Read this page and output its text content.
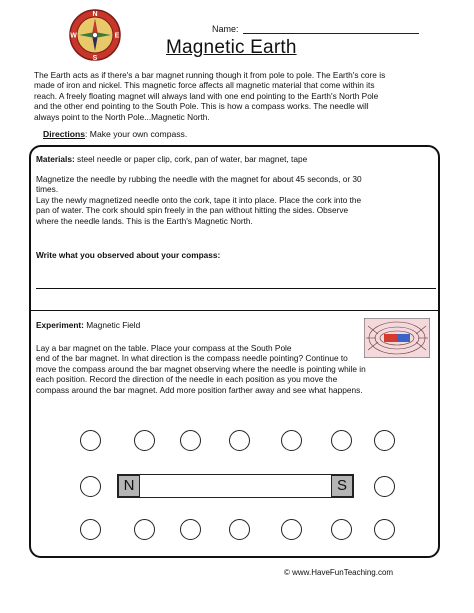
N
E
S
W
Name:
Magnetic Earth
The Earth acts as if there's a bar magnet running though it from pole to pole. The Earth's core is
made of iron and nickel. This magnetic force affects all magnetic material that come within its
reach. A freely floating magnet will always land with one end pointing to the Earth's North Pole
and the other end pointing to the South Pole. This is how a compass works. The needle will
always point to the North Pole...Magnetic North.
Directions: Make your own compass.
Materials: steel needle or paper clip, cork, pan of water, bar magnet, tape
Magnetize the needle by rubbing the needle with the magnet for about 45 seconds, or 30
times.
Lay the newly magnetized needle onto the cork, tape it into place. Place the cork into the
pan of water. The cork should spin freely in the pan without hitting the sides. Observe
where the needle lands. This is the Earth's Magnetic North.
Write what you observed about your compass:
Experiment: Magnetic Field
Lay a bar magnet on the table. Place your compass at the South Pole
end of the bar magnet. In what direction is the compass needle pointing? Continue to
move the compass around the bar magnet observing where the needle is pointing while in
each position. Record the direction of the needle in each position as you move the
compass around the bar magnet. Add more position farther away and see what happens.
N	S
© www.HaveFunTeaching.com
